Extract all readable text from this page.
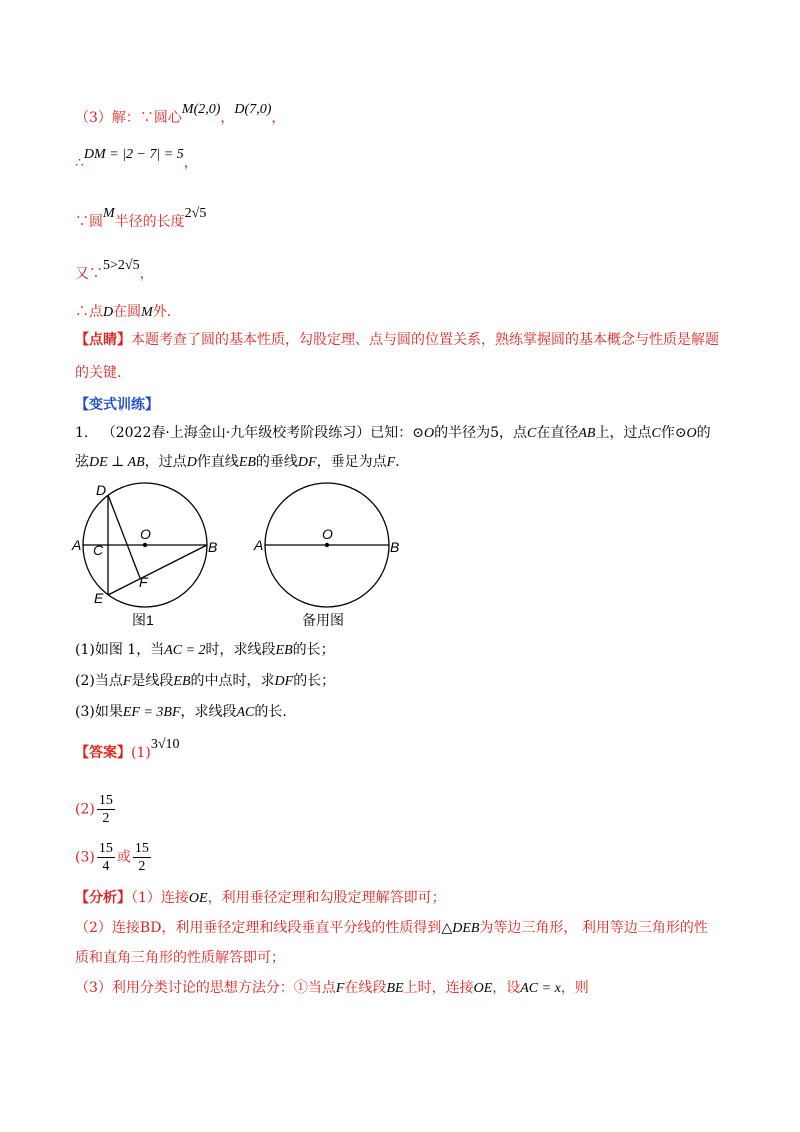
（3）解：∵圆心M(2,0)，D(7,0)，
∴DM = |2 − 7| = 5，
∵圆M半径的长度2√5
又∵5>2√5，
∴点D在圆M外.
【点睛】本题考查了圆的基本性质，勾股定理、点与圆的位置关系，熟练掌握圆的基本概念与性质是解题
的关键.
【变式训练】
1. （2022春·上海金山·九年级校考阶段练习）已知：⊙O的半径为5，点C在直径AB上，过点C作⊙O的
弦DE ⊥ AB，过点D作直线EB的垂线DF，垂足为点F.
D
O
A C	B
F
E
图1
O
A	B
备用图
(1)如图 1，当AC = 2时，求线段EB的长；
(2)当点F是线段EB的中点时，求DF的长；
(3)如果EF = 3BF，求线段AC的长.
【答案】(1)3√10
$(2) \frac{15}{2}$
$(3) \frac{15}{4}$ 或 $\frac{15}{2}$
【分析】（1）连接OE，利用垂径定理和勾股定理解答即可；
（2）连接BD，利用垂径定理和线段垂直平分线的性质得到△DEB为等边三角形， 利用等边三角形的性
质和直角三角形的性质解答即可；
（3）利用分类讨论的思想方法分：①当点F在线段BE上时，连接OE，设AC = x，则
